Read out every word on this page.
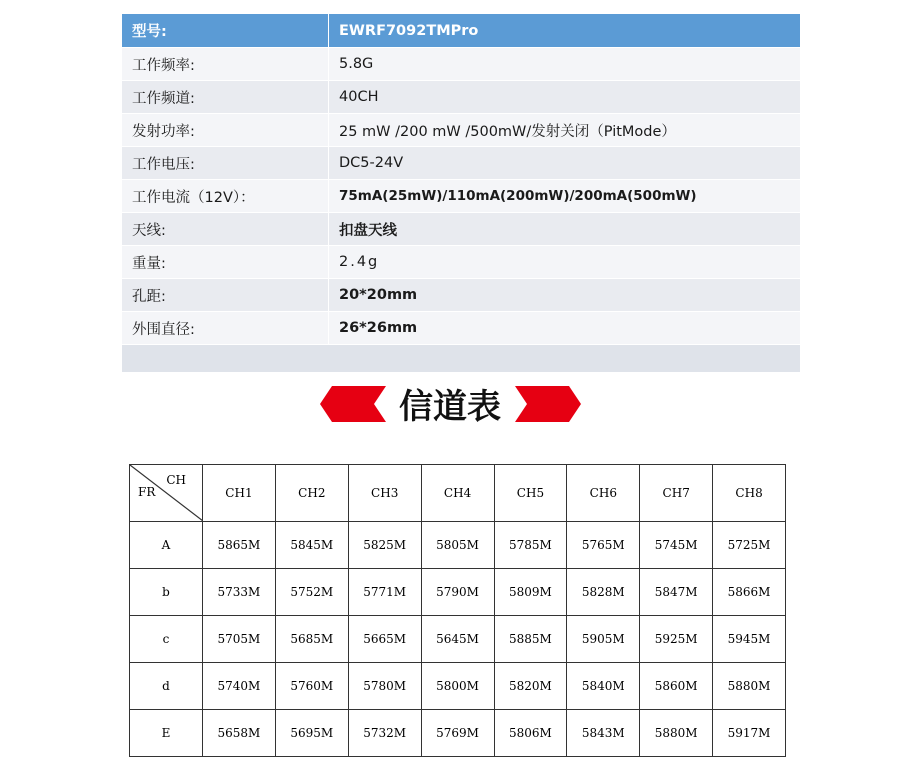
型号:	EWRF7092TMPro
工作频率:	5.8G
工作频道:	40CH
发射功率:	25 mW /200 mW /500mW/发射关闭（PitMode）
工作电压:	DC5-24V
工作电流（12V）：	75mA(25mW)/110mA(200mW)/200mA(500mW)
天线:	扣盘天线
重量:	2.4g
孔距:	20*20mm
外围直径:	26*26mm
信道表
CH
FR	CH1	CH2	CH3	CH4	CH5	CH6	CH7	CH8
A	5865M	5845M	5825M	5805M	5785M	5765M	5745M	5725M
b	5733M	5752M	5771M	5790M	5809M	5828M	5847M	5866M
c	5705M	5685M	5665M	5645M	5885M	5905M	5925M	5945M
d	5740M	5760M	5780M	5800M	5820M	5840M	5860M	5880M
E	5658M	5695M	5732M	5769M	5806M	5843M	5880M	5917M
